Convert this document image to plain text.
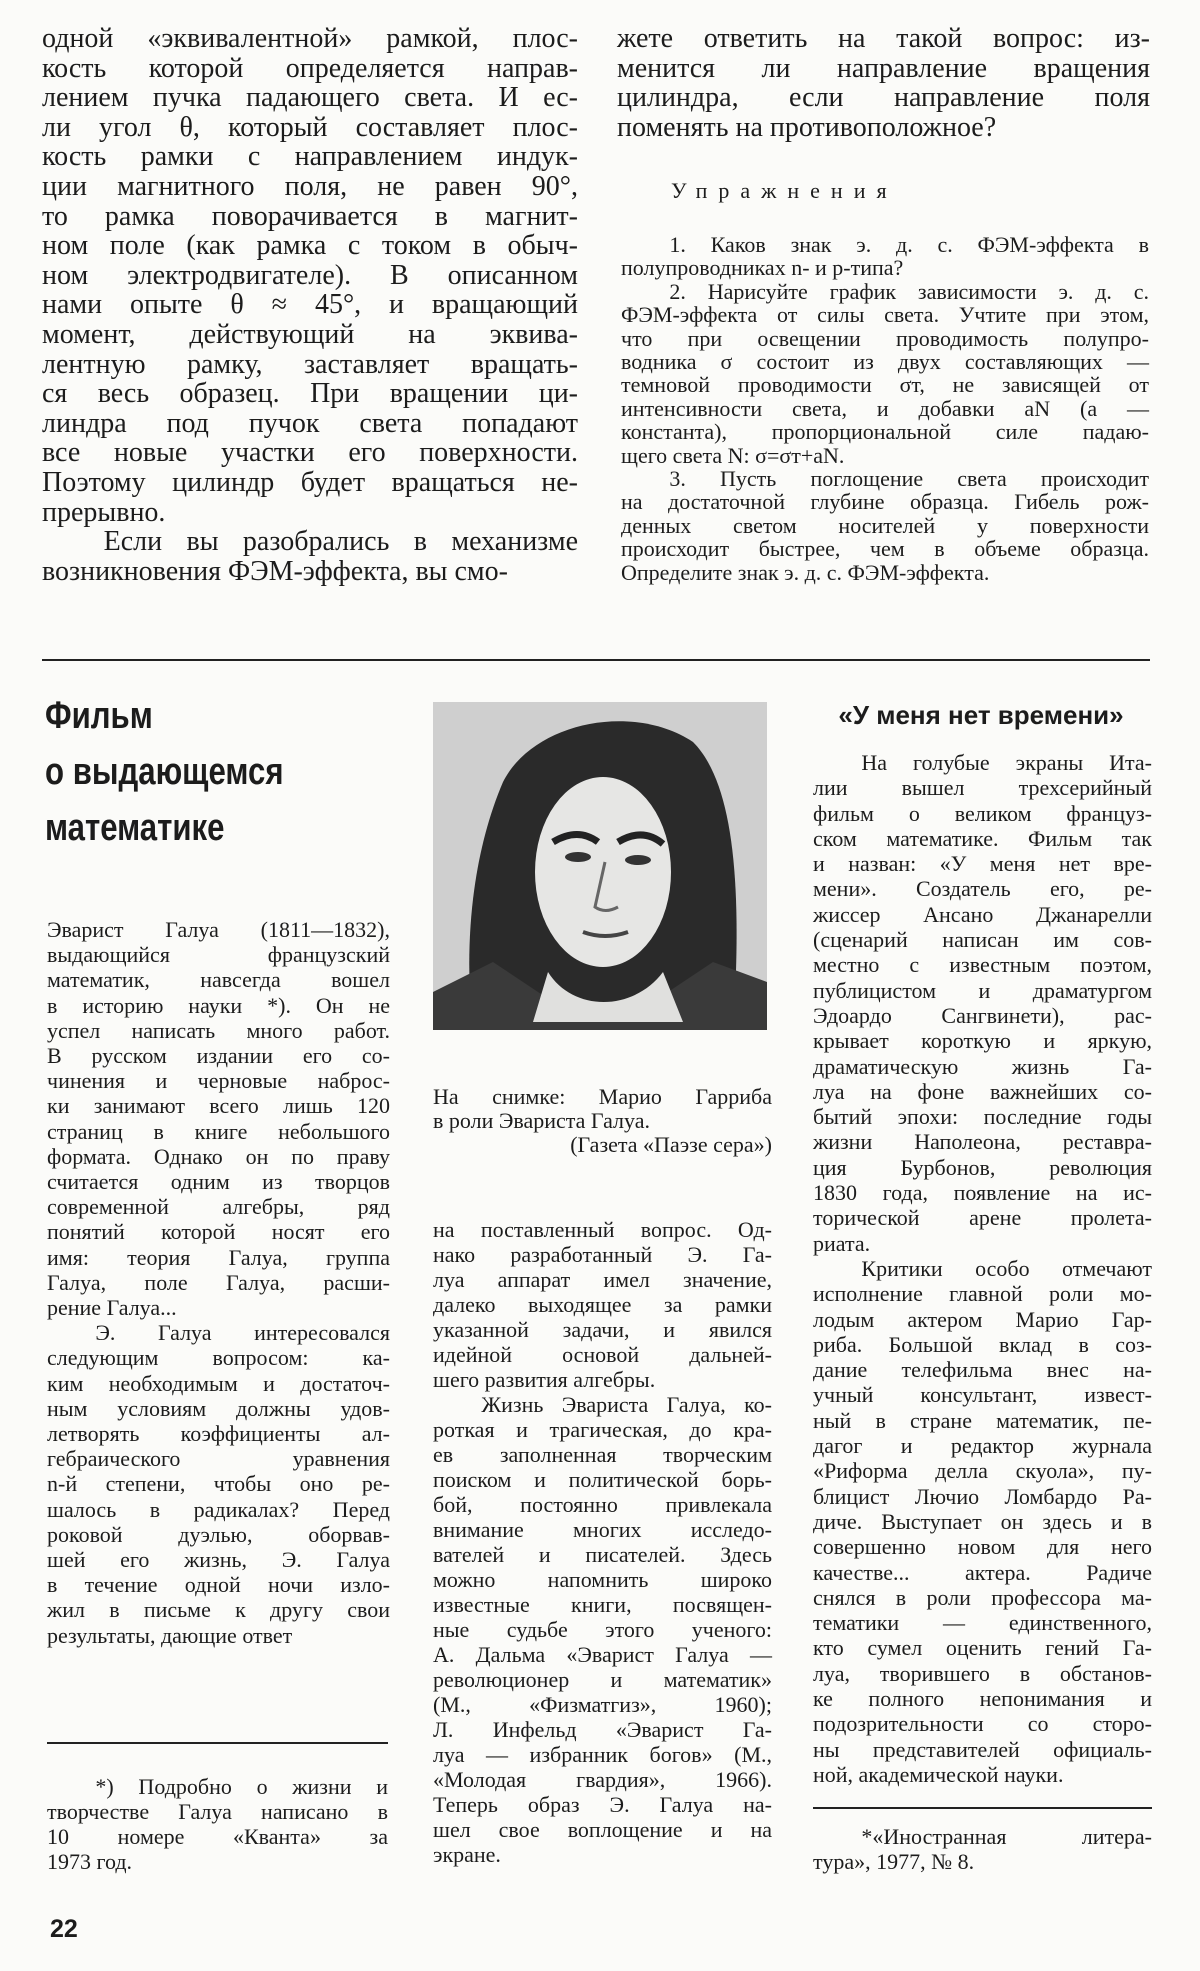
одной «эквивалентной» рамкой, плос-
кость которой определяется направ-
лением пучка падающего света. И ес-
ли угол θ, который составляет плос-
кость рамки с направлением индук-
ции магнитного поля, не равен 90°,
то рамка поворачивается в магнит-
ном поле (как рамка с током в обыч-
ном электродвигателе). В описанном
нами опыте θ ≈ 45°, и вращающий
момент, действующий на эквива-
лентную рамку, заставляет вращать-
ся весь образец. При вращении ци-
линдра под пучок света попадают
все новые участки его поверхности.
Поэтому цилиндр будет вращаться не-
прерывно.
Если вы разобрались в механизме
возникновения ФЭМ-эффекта, вы смо-
жете ответить на такой вопрос: из-
менится ли направление вращения
цилиндра, если направление поля
поменять на противоположное?
Упражнения
1. Каков знак э. д. с. ФЭМ-эффекта в
полупроводниках n- и p-типа?
2. Нарисуйте график зависимости э. д. с.
ФЭМ-эффекта от силы света. Учтите при этом,
что при освещении проводимость полупро-
водника σ состоит из двух составляющих —
темновой проводимости σт, не зависящей от
интенсивности света, и добавки aN (a —
константа), пропорциональной силе падаю-
щего света N: σ=σт+aN.
3. Пусть поглощение света происходит
на достаточной глубине образца. Гибель рож-
денных светом носителей у поверхности
происходит быстрее, чем в объеме образца.
Определите знак э. д. с. ФЭМ-эффекта.
Фильм
о выдающемся
математике
Эварист Галуа (1811—1832),
выдающийся французский
математик, навсегда вошел
в историю науки *). Он не
успел написать много работ.
В русском издании его со-
чинения и черновые наброс-
ки занимают всего лишь 120
страниц в книге небольшого
формата. Однако он по праву
считается одним из творцов
современной алгебры, ряд
понятий которой носят его
имя: теория Галуа, группа
Галуа, поле Галуа, расши-
рение Галуа...
Э. Галуа интересовался
следующим вопросом: ка-
ким необходимым и достаточ-
ным условиям должны удов-
летворять коэффициенты ал-
гебраического уравнения
n-й степени, чтобы оно ре-
шалось в радикалах? Перед
роковой дуэлью, оборвав-
шей его жизнь, Э. Галуа
в течение одной ночи изло-
жил в письме к другу свои
результаты, дающие ответ
*) Подробно о жизни и
творчестве Галуа написано в
10 номере «Кванта» за
1973 год.
22
На снимке: Марио Гарриба
в роли Эвариста Галуа.
(Газета «Паэзе сера»)
на поставленный вопрос. Од-
нако разработанный Э. Га-
луа аппарат имел значение,
далеко выходящее за рамки
указанной задачи, и явился
идейной основой дальней-
шего развития алгебры.
Жизнь Эвариста Галуа, ко-
роткая и трагическая, до кра-
ев заполненная творческим
поиском и политической борь-
бой, постоянно привлекала
внимание многих исследо-
вателей и писателей. Здесь
можно напомнить широко
известные книги, посвящен-
ные судьбе этого ученого:
А. Дальма «Эварист Галуа —
революционер и математик»
(М., «Физматгиз», 1960);
Л. Инфельд «Эварист Га-
луа — избранник богов» (М.,
«Молодая гвардия», 1966).
Теперь образ Э. Галуа на-
шел свое воплощение и на
экране.
«У меня нет времени»
На голубые экраны Ита-
лии вышел трехсерийный
фильм о великом француз-
ском математике. Фильм так
и назван: «У меня нет вре-
мени». Создатель его, ре-
жиссер Ансано Джанарелли
(сценарий написан им сов-
местно с известным поэтом,
публицистом и драматургом
Эдоардо Сангвинети), рас-
крывает короткую и яркую,
драматическую жизнь Га-
луа на фоне важнейших со-
бытий эпохи: последние годы
жизни Наполеона, реставра-
ция Бурбонов, революция
1830 года, появление на ис-
торической арене пролета-
риата.
Критики особо отмечают
исполнение главной роли мо-
лодым актером Марио Гар-
риба. Большой вклад в соз-
дание телефильма внес на-
учный консультант, извест-
ный в стране математик, пе-
дагог и редактор журнала
«Риформа делла скуола», пу-
блицист Лючио Ломбардо Ра-
диче. Выступает он здесь и в
совершенно новом для него
качестве... актера. Радиче
снялся в роли профессора ма-
тематики — единственного,
кто сумел оценить гений Га-
луа, творившего в обстанов-
ке полного непонимания и
подозрительности со сторо-
ны представителей официаль-
ной, академической науки.
*«Иностранная литера-
тура», 1977, № 8.
